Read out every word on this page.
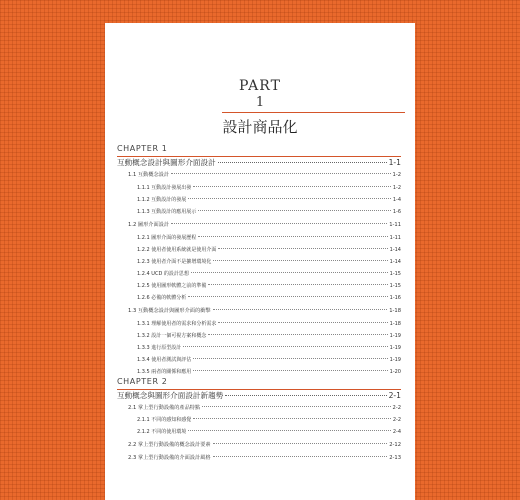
PART
1
設計商品化
CHAPTER 1
互動概念設計與圖形介面設計	1-1
1.1 互動概念設計	1-2
1.1.1 互動設計發展出發	1-2
1.1.2 互動設計的發展	1-4
1.1.3 互動設計的應用展示	1-6
1.2 圖形介面設計	1-11
1.2.1 圖形介面的發展歷程	1-11
1.2.2 使用者使用系統就是使用介面	1-14
1.2.3 使用者介面不是擴增環境化	1-14
1.2.4 UCD 的設計思想	1-15
1.2.5 使用圖形軟體之前的準備	1-15
1.2.6 必備的軟體分析	1-16
1.3 互動概念設計與圖形介面的衝擊	1-18
1.3.1 理解使用者的需求和分析需求	1-18
1.3.2 設計一個可視方案和概念	1-19
1.3.3 進行原型設計	1-19
1.3.4 使用者測試與評估	1-19
1.3.5 兩者的關係和應用	1-20
CHAPTER 2
互動概念與圖形介面設計新趨勢	2-1
2.1 掌上型行動設備的產品特點	2-2
2.1.1 不同的感知和感覺	2-2
2.1.2 不同的使用環境	2-4
2.2 掌上型行動設備的概念設計要素	2-12
2.3 掌上型行動設備的介面設計風格	2-13
